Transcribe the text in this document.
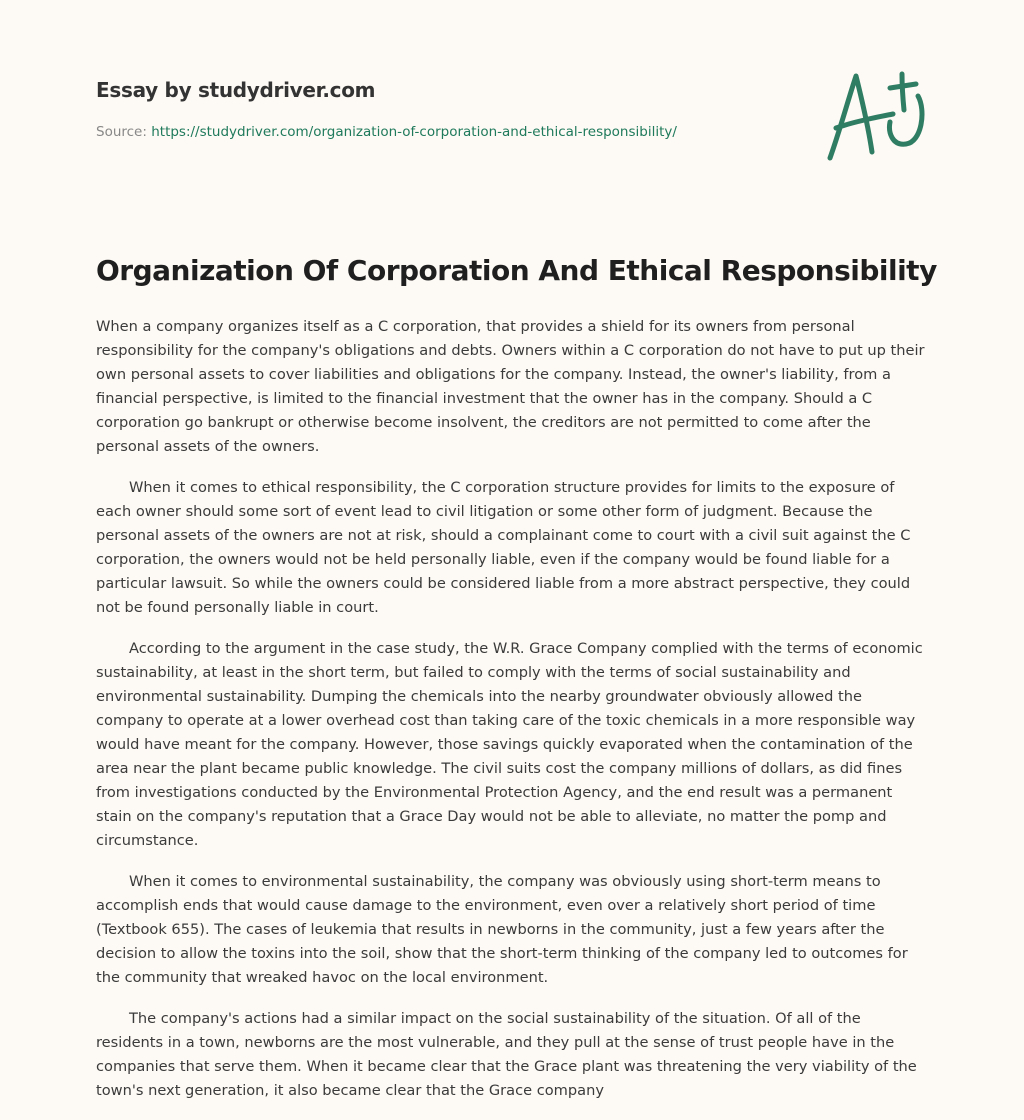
Essay by studydriver.com
Source: https://studydriver.com/organization-of-corporation-and-ethical-responsibility/
Organization Of Corporation And Ethical Responsibility

When a company organizes itself as a C corporation, that provides a shield for its owners from personal
responsibility for the company's obligations and debts. Owners within a C corporation do not have to put up their
own personal assets to cover liabilities and obligations for the company. Instead, the owner's liability, from a
financial perspective, is limited to the financial investment that the owner has in the company. Should a C
corporation go bankrupt or otherwise become insolvent, the creditors are not permitted to come after the
personal assets of the owners.

When it comes to ethical responsibility, the C corporation structure provides for limits to the exposure of
each owner should some sort of event lead to civil litigation or some other form of judgment. Because the
personal assets of the owners are not at risk, should a complainant come to court with a civil suit against the C
corporation, the owners would not be held personally liable, even if the company would be found liable for a
particular lawsuit. So while the owners could be considered liable from a more abstract perspective, they could
not be found personally liable in court.

According to the argument in the case study, the W.R. Grace Company complied with the terms of economic
sustainability, at least in the short term, but failed to comply with the terms of social sustainability and
environmental sustainability. Dumping the chemicals into the nearby groundwater obviously allowed the
company to operate at a lower overhead cost than taking care of the toxic chemicals in a more responsible way
would have meant for the company. However, those savings quickly evaporated when the contamination of the
area near the plant became public knowledge. The civil suits cost the company millions of dollars, as did fines
from investigations conducted by the Environmental Protection Agency, and the end result was a permanent
stain on the company's reputation that a Grace Day would not be able to alleviate, no matter the pomp and
circumstance.

When it comes to environmental sustainability, the company was obviously using short-term means to
accomplish ends that would cause damage to the environment, even over a relatively short period of time
(Textbook 655). The cases of leukemia that results in newborns in the community, just a few years after the
decision to allow the toxins into the soil, show that the short-term thinking of the company led to outcomes for
the community that wreaked havoc on the local environment.

The company's actions had a similar impact on the social sustainability of the situation. Of all of the
residents in a town, newborns are the most vulnerable, and they pull at the sense of trust people have in the
companies that serve them. When it became clear that the Grace plant was threatening the very viability of the
town's next generation, it also became clear that the Grace company
